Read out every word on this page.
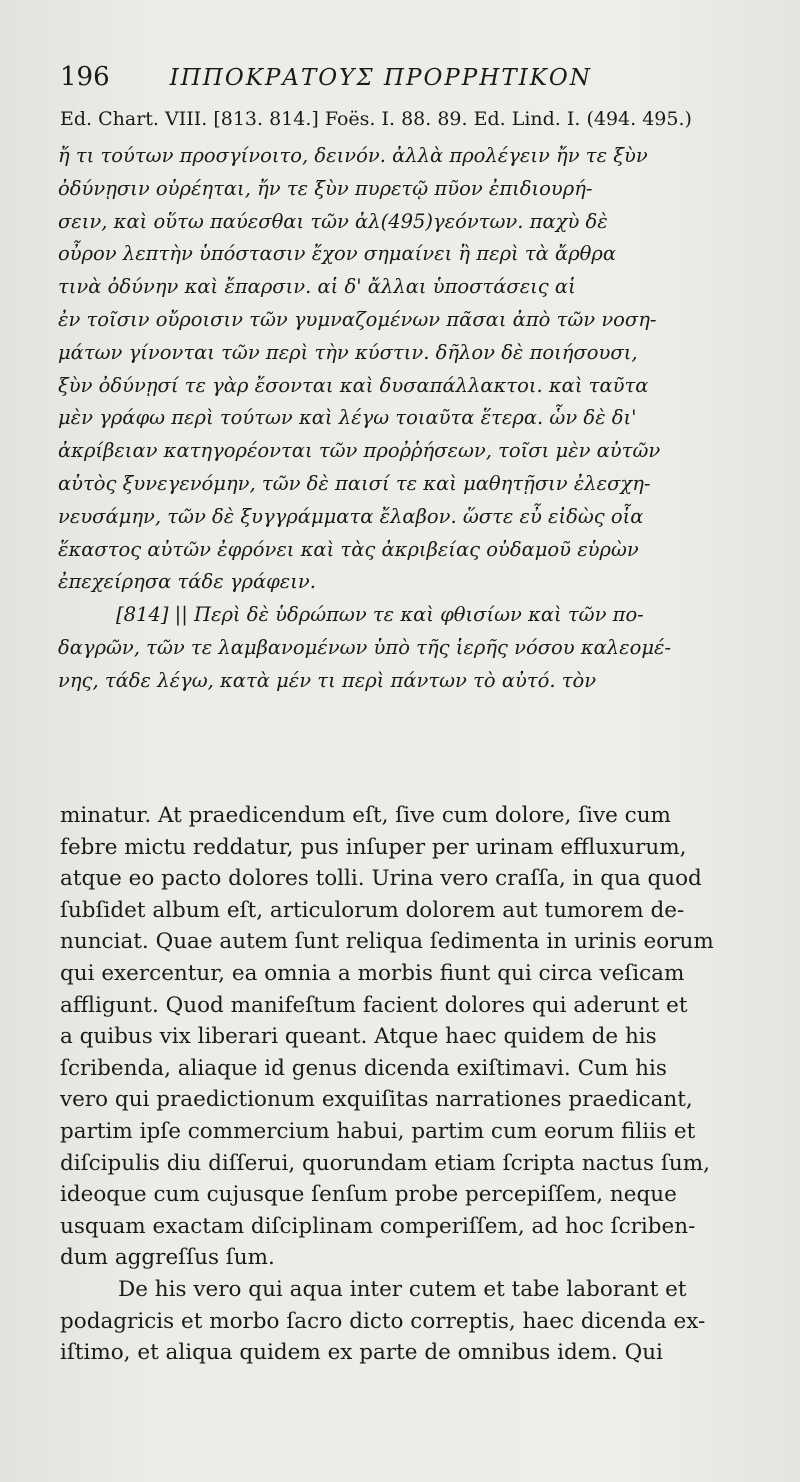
196	ΙΠΠΟΚΡΑΤΟΥΣ ΠΡΟΡΡΗΤΙΚΟΝ
Ed. Chart. VIII. [813. 814.] Foës. I. 88. 89. Ed. Lind. I. (494. 495.)
ἤ τι τούτων προσγίνοιτο, δεινόν. ἀλλὰ προλέγειν ἤν τε ξὺν
ὀδύνῃσιν οὐρέηται, ἤν τε ξὺν πυρετῷ πῦον ἐπιδιουρή-
σειν, καὶ οὕτω παύεσθαι τῶν ἀλ(495)γεόντων. παχὺ δὲ
οὖρον λεπτὴν ὑπόστασιν ἔχον σημαίνει ἢ περὶ τὰ ἄρθρα
τινὰ ὀδύνην καὶ ἔπαρσιν. αἱ δ' ἄλλαι ὑποστάσεις αἱ
ἐν τοῖσιν οὔροισιν τῶν γυμναζομένων πᾶσαι ἀπὸ τῶν νοση-
μάτων γίνονται τῶν περὶ τὴν κύστιν. δῆλον δὲ ποιήσουσι,
ξὺν ὀδύνῃσί τε γὰρ ἔσονται καὶ δυσαπάλλακτοι. καὶ ταῦτα
μὲν γράφω περὶ τούτων καὶ λέγω τοιαῦτα ἕτερα. ὧν δὲ δι'
ἀκρίβειαν κατηγορέονται τῶν προῤῥήσεων, τοῖσι μὲν αὐτῶν
αὐτὸς ξυνεγενόμην, τῶν δὲ παισί τε καὶ μαθητῇσιν ἐλεσχη-
νευσάμην, τῶν δὲ ξυγγράμματα ἔλαβον. ὥστε εὖ εἰδὼς οἷα
ἕκαστος αὐτῶν ἐφρόνει καὶ τὰς ἀκριβείας οὐδαμοῦ εὑρὼν
ἐπεχείρησα τάδε γράφειν.
[814] || Περὶ δὲ ὑδρώπων τε καὶ φθισίων καὶ τῶν πο-
δαγρῶν, τῶν τε λαμβανομένων ὑπὸ τῆς ἱερῆς νόσου καλεομέ-
νης, τάδε λέγω, κατὰ μέν τι περὶ πάντων τὸ αὐτό. τὸν
minatur. At praedicendum eſt, ſive cum dolore, ſive cum
febre mictu reddatur, pus inſuper per urinam effluxurum,
atque eo pacto dolores tolli. Urina vero craſſa, in qua quod
ſubſidet album eſt, articulorum dolorem aut tumorem de-
nunciat. Quae autem ſunt reliqua ſedimenta in urinis eorum
qui exercentur, ea omnia a morbis fiunt qui circa veſicam
affligunt. Quod manifeſtum facient dolores qui aderunt et
a quibus vix liberari queant. Atque haec quidem de his
ſcribenda, aliaque id genus dicenda exiſtimavi. Cum his
vero qui praedictionum exquiſitas narrationes praedicant,
partim ipſe commercium habui, partim cum eorum filiis et
diſcipulis diu diſſerui, quorundam etiam ſcripta nactus ſum,
ideoque cum cujusque ſenſum probe percepiſſem, neque
usquam exactam diſciplinam comperiſſem, ad hoc ſcriben-
dum aggreſſus ſum.
De his vero qui aqua inter cutem et tabe laborant et
podagricis et morbo ſacro dicto correptis, haec dicenda ex-
iſtimo, et aliqua quidem ex parte de omnibus idem. Qui
